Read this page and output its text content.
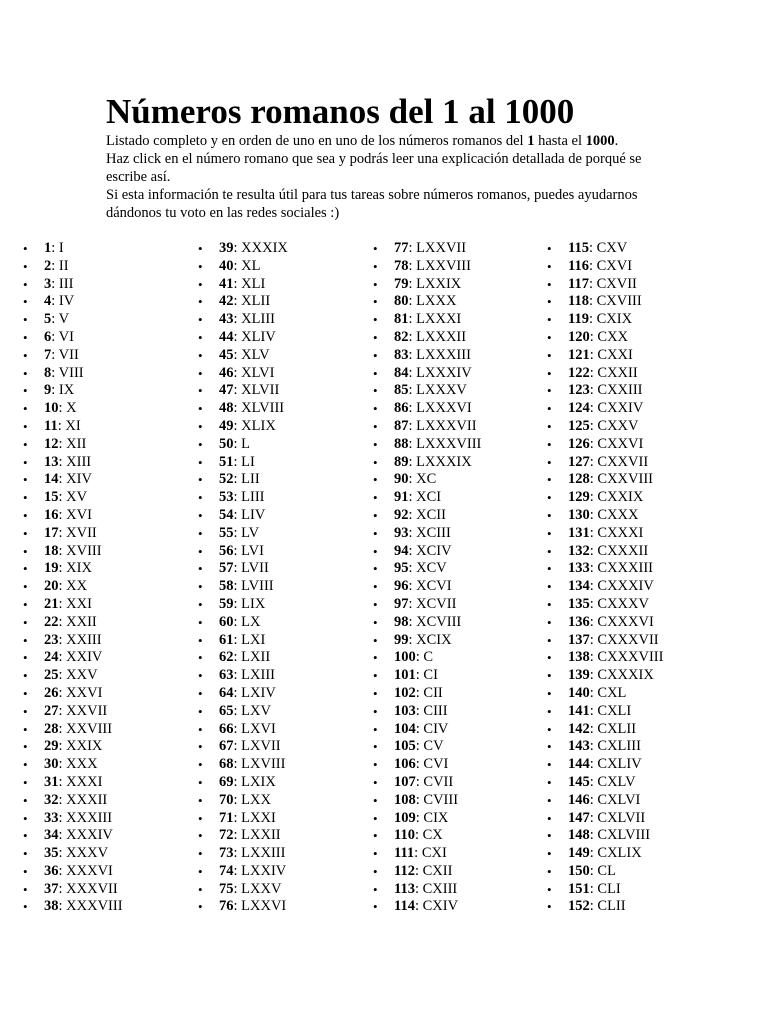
Números romanos del 1 al 1000

Listado completo y en orden de uno en uno de los números romanos del 1 hasta el 1000.

Haz click en el número romano que sea y podrás leer una explicación detallada de porqué se escribe así.

Si esta información te resulta útil para tus tareas sobre números romanos, puedes ayudarnos dándonos tu voto en las redes sociales :)

• 1: I
• 2: II
• 3: III
• 4: IV
• 5: V
• 6: VI
• 7: VII
• 8: VIII
• 9: IX
• 10: X
• 11: XI
• 12: XII
• 13: XIII
• 14: XIV
• 15: XV
• 16: XVI
• 17: XVII
• 18: XVIII
• 19: XIX
• 20: XX
• 21: XXI
• 22: XXII
• 23: XXIII
• 24: XXIV
• 25: XXV
• 26: XXVI
• 27: XXVII
• 28: XXVIII
• 29: XXIX
• 30: XXX
• 31: XXXI
• 32: XXXII
• 33: XXXIII
• 34: XXXIV
• 35: XXXV
• 36: XXXVI
• 37: XXXVII
• 38: XXXVIII
• 39: XXXIX
• 40: XL
• 41: XLI
• 42: XLII
• 43: XLIII
• 44: XLIV
• 45: XLV
• 46: XLVI
• 47: XLVII
• 48: XLVIII
• 49: XLIX
• 50: L
• 51: LI
• 52: LII
• 53: LIII
• 54: LIV
• 55: LV
• 56: LVI
• 57: LVII
• 58: LVIII
• 59: LIX
• 60: LX
• 61: LXI
• 62: LXII
• 63: LXIII
• 64: LXIV
• 65: LXV
• 66: LXVI
• 67: LXVII
• 68: LXVIII
• 69: LXIX
• 70: LXX
• 71: LXXI
• 72: LXXII
• 73: LXXIII
• 74: LXXIV
• 75: LXXV
• 76: LXXVI
• 77: LXXVII
• 78: LXXVIII
• 79: LXXIX
• 80: LXXX
• 81: LXXXI
• 82: LXXXII
• 83: LXXXIII
• 84: LXXXIV
• 85: LXXXV
• 86: LXXXVI
• 87: LXXXVII
• 88: LXXXVIII
• 89: LXXXIX
• 90: XC
• 91: XCI
• 92: XCII
• 93: XCIII
• 94: XCIV
• 95: XCV
• 96: XCVI
• 97: XCVII
• 98: XCVIII
• 99: XCIX
• 100: C
• 101: CI
• 102: CII
• 103: CIII
• 104: CIV
• 105: CV
• 106: CVI
• 107: CVII
• 108: CVIII
• 109: CIX
• 110: CX
• 111: CXI
• 112: CXII
• 113: CXIII
• 114: CXIV
• 115: CXV
• 116: CXVI
• 117: CXVII
• 118: CXVIII
• 119: CXIX
• 120: CXX
• 121: CXXI
• 122: CXXII
• 123: CXXIII
• 124: CXXIV
• 125: CXXV
• 126: CXXVI
• 127: CXXVII
• 128: CXXVIII
• 129: CXXIX
• 130: CXXX
• 131: CXXXI
• 132: CXXXII
• 133: CXXXIII
• 134: CXXXIV
• 135: CXXXV
• 136: CXXXVI
• 137: CXXXVII
• 138: CXXXVIII
• 139: CXXXIX
• 140: CXL
• 141: CXLI
• 142: CXLII
• 143: CXLIII
• 144: CXLIV
• 145: CXLV
• 146: CXLVI
• 147: CXLVII
• 148: CXLVIII
• 149: CXLIX
• 150: CL
• 151: CLI
• 152: CLII
